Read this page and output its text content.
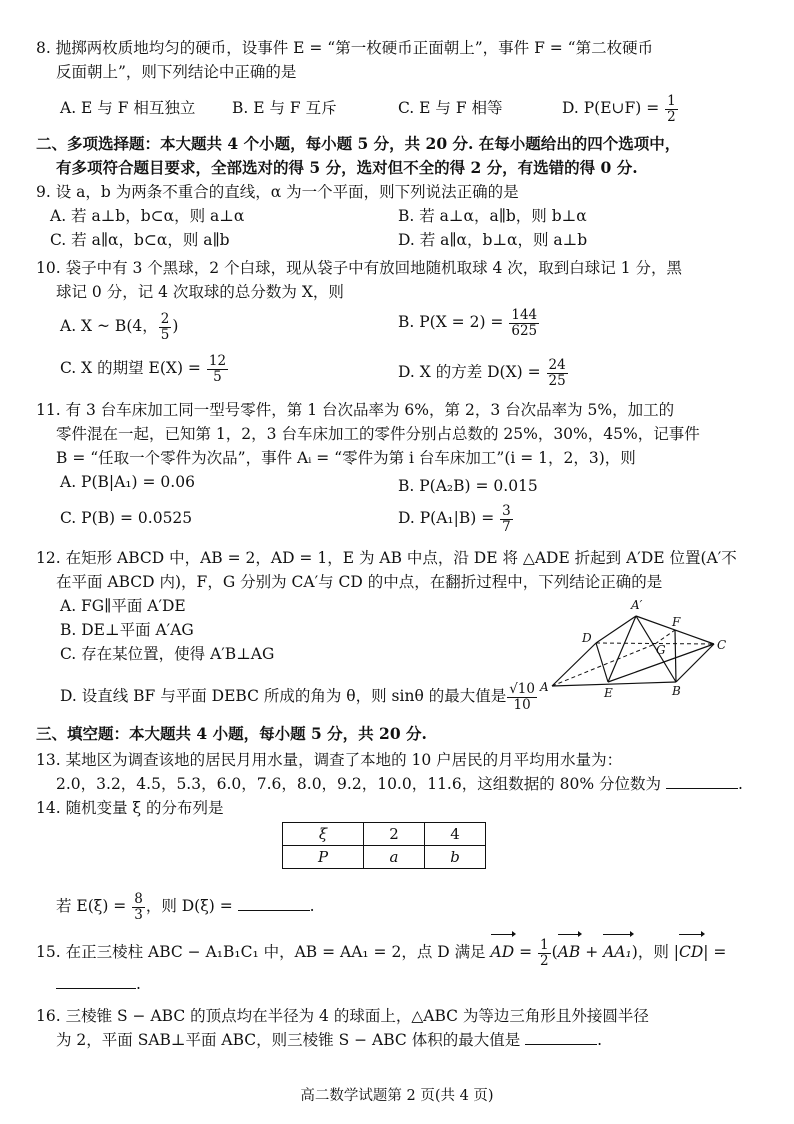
8. 抛掷两枚质地均匀的硬币，设事件 E = “第一枚硬币正面朝上”，事件 F = “第二枚硬币
反面朝上”，则下列结论中正确的是
A. E 与 F 相互独立 B. E 与 F 互斥	C. E 与 F 相等	D. P(E∪F) = $\frac{1}{2}$
二、多项选择题：本大题共 4 个小题，每小题 5 分，共 20 分. 在每小题给出的四个选项中，
有多项符合题目要求，全部选对的得 5 分，选对但不全的得 2 分，有选错的得 0 分.
9. 设 a，b 为两条不重合的直线，α 为一个平面，则下列说法正确的是
A. 若 a⊥b，b⊂α，则 a⊥α	B. 若 a⊥α，a∥b，则 b⊥α
C. 若 a∥α，b⊂α，则 a∥b	D. 若 a∥α，b⊥α，则 a⊥b
10. 袋子中有 3 个黑球，2 个白球，现从袋子中有放回地随机取球 4 次，取到白球记 1 分，黑
球记 0 分，记 4 次取球的总分数为 X，则
A. X ~ B(4， $\frac{2}{5}$ )	B. $P(X = 2) = \frac{144}{625}$
C. X 的期望 $E(X) = \frac{12}{5}$	D. X 的方差 $D(X) = \frac{24}{25}$
11. 有 3 台车床加工同一型号零件，第 1 台次品率为 6%，第 2，3 台次品率为 5%，加工的
零件混在一起，已知第 1，2，3 台车床加工的零件分别占总数的 25%，30%，45%，记事件
B = “任取一个零件为次品”，事件 Aᵢ = “零件为第 i 台车床加工”(i = 1，2，3)，则
A. P(B|A₁) = 0.06	B. P(A₂B) = 0.015
C. P(B) = 0.0525	D. $P(A_1|B) = \frac{3}{7}$
12. 在矩形 ABCD 中，AB = 2，AD = 1，E 为 AB 中点，沿 DE 将 △ADE 折起到 A′DE 位置(A′不
在平面 ABCD 内)，F，G 分别为 CA′与 CD 的中点，在翻折过程中，下列结论正确的是
A. FG∥平面 A′DE
B. DE⊥平面 A′AG
C. 存在某位置，使得 A′B⊥AG
D. 设直线 BF 与平面 DEBC 所成的角为 θ，则 sinθ 的最大值是 $\frac{√10}{10}$
A′
D
F
G	C
A	E	B
三、填空题：本大题共 4 小题，每小题 5 分，共 20 分.
13. 某地区为调查该地的居民月用水量，调查了本地的 10 户居民的月平均用水量为：
2.0，3.2，4.5，5.3，6.0，7.6，8.0，9.2，10.0，11.6，这组数据的 80% 分位数为	.
14. 随机变量 ξ 的分布列是
ξ	2	4
P	a	b
若 $E(\xi) = \frac{8}{3}$ ，则 D(ξ) =	.
15. 在正三棱柱 ABC − A₁B₁C₁ 中，AB = AA₁ = 2，点 D 满足 AD = $\frac{1}{2} (AB + AA_1)$，则 |CD| =
.
16. 三棱锥 S − ABC 的顶点均在半径为 4 的球面上，△ABC 为等边三角形且外接圆半径
为 2，平面 SAB⊥平面 ABC，则三棱锥 S − ABC 体积的最大值是	.
高二数学试题第 2 页(共 4 页)
